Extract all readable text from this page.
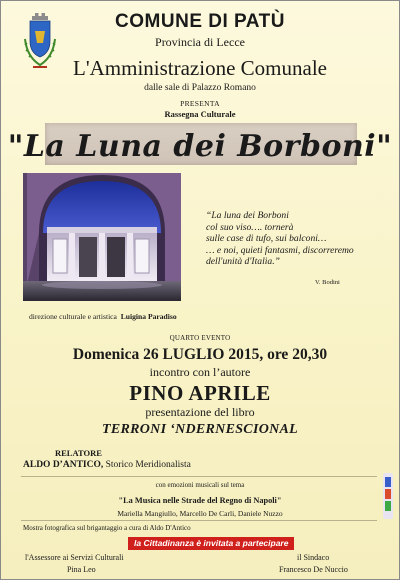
COMUNE DI PATÙ
Provincia di Lecce
L'Amministrazione Comunale
dalle sale di Palazzo Romano
PRESENTA
Rassegna Culturale
"La Luna dei Borboni"
“La luna dei Borboni
col suo viso…. tornerà
sulle case di tufo, sui balconi…
… e noi, quieti fantasmi, discorreremo
dell'unità d'Italia.”
V. Bodini
direzione culturale e artistica Luigina Paradiso
QUARTO EVENTO
Domenica 26 LUGLIO 2015, ore 20,30
incontro con l’autore
PINO APRILE
presentazione del libro
TERRONI ‘NDERNESCIONAL
RELATORE
ALDO D’ANTICO, Storico Meridionalista
con emozioni musicali sul tema
"La Musica nelle Strade del Regno di Napoli"
Mariella Mangiullo, Marcello De Carli, Daniele Nuzzo
Mostra fotografica sul brigantaggio a cura di Aldo D'Antico
la Cittadinanza è invitata a partecipare
l'Assessore ai Servizi Culturali
Pina Leo
il Sindaco
Francesco De Nuccio
